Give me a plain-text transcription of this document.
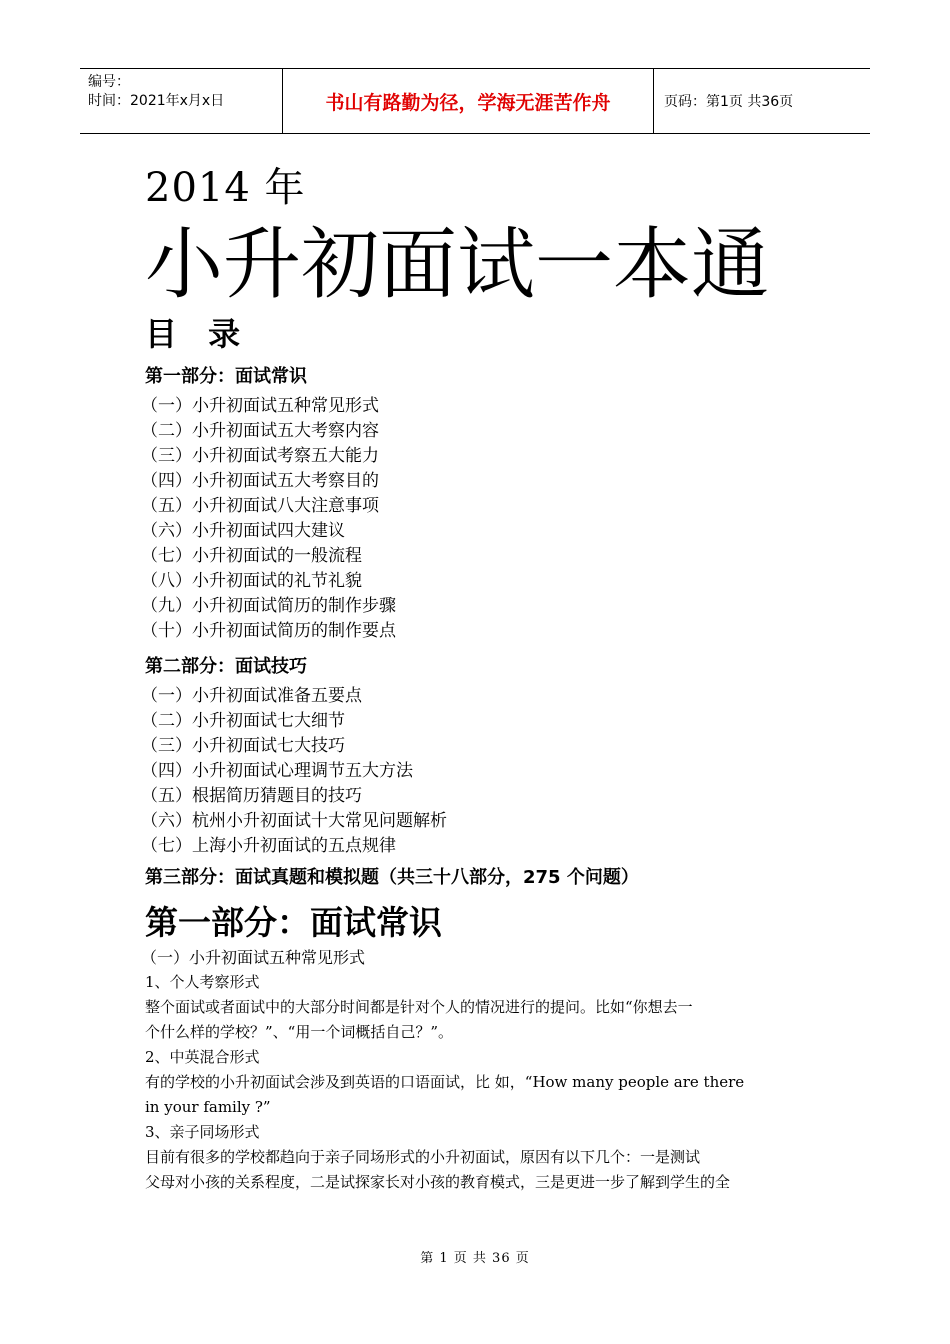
编号：
时间：2021年x月x日	书山有路勤为径，学海无涯苦作舟	页码：第1页 共36页
2014 年
小升初面试一本通
目 录
第一部分：面试常识
（一）小升初面试五种常见形式
（二）小升初面试五大考察内容
（三）小升初面试考察五大能力
（四）小升初面试五大考察目的
（五）小升初面试八大注意事项
（六）小升初面试四大建议
（七）小升初面试的一般流程
（八）小升初面试的礼节礼貌
（九）小升初面试简历的制作步骤
（十）小升初面试简历的制作要点
第二部分：面试技巧
（一）小升初面试准备五要点
（二）小升初面试七大细节
（三）小升初面试七大技巧
（四）小升初面试心理调节五大方法
（五）根据简历猜题目的技巧
（六）杭州小升初面试十大常见问题解析
（七）上海小升初面试的五点规律
第三部分：面试真题和模拟题（共三十八部分，275 个问题）
第一部分：面试常识
（一）小升初面试五种常见形式
1、个人考察形式
整个面试或者面试中的大部分时间都是针对个人的情况进行的提问。比如“你想去一
个什么样的学校？”、“用一个词概括自己？”。
2、中英混合形式
有的学校的小升初面试会涉及到英语的口语面试，比 如，“How many people are there
in your family ?”
3、亲子同场形式
目前有很多的学校都趋向于亲子同场形式的小升初面试，原因有以下几个：一是测试
父母对小孩的关系程度，二是试探家长对小孩的教育模式，三是更进一步了解到学生的全
第 1 页 共 36 页
